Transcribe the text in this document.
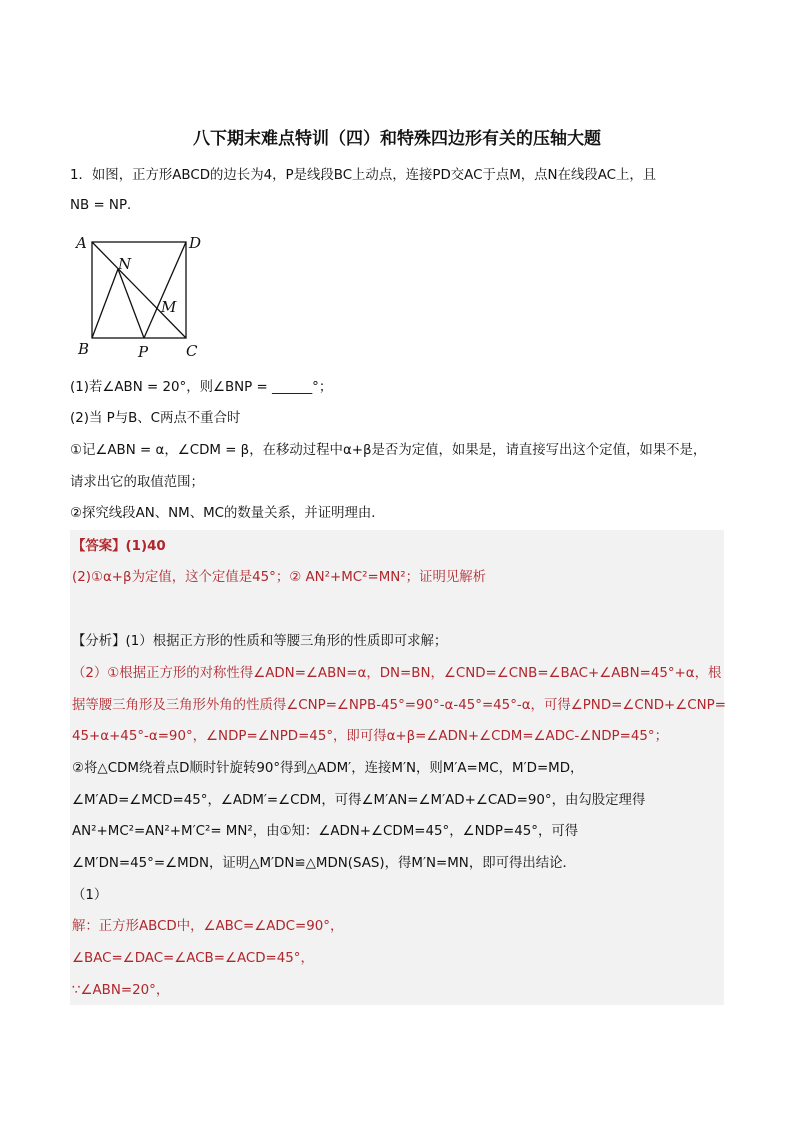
八下期末难点特训（四）和特殊四边形有关的压轴大题
1．如图，正方形ABCD的边长为4，P是线段BC上动点，连接PD交AC于点M，点N在线段AC上，且
NB = NP．
A	D
B	C
N
M
P
(1)若∠ABN = 20°，则∠BNP = ______°；
(2)当 P与B、C两点不重合时
①记∠ABN = α，∠CDM = β，在移动过程中α+β是否为定值，如果是，请直接写出这个定值，如果不是，
请求出它的取值范围；
②探究线段AN、NM、MC的数量关系，并证明理由．
【答案】(1)40
(2)①α+β为定值，这个定值是45°；② AN²+MC²=MN²；证明见解析
【分析】(1）根据正方形的性质和等腰三角形的性质即可求解；
（2）①根据正方形的对称性得∠ADN=∠ABN=α，DN=BN，∠CND=∠CNB=∠BAC+∠ABN=45°+α，根
据等腰三角形及三角形外角的性质得∠CNP=∠NPB-45°=90°-α-45°=45°-α，可得∠PND=∠CND+∠CNP=
45+α+45°-α=90°，∠NDP=∠NPD=45°，即可得α+β=∠ADN+∠CDM=∠ADC-∠NDP=45°；
②将△CDM绕着点D顺时针旋转90°得到△ADM′，连接M′N，则M′A=MC，M′D=MD，
∠M′AD=∠MCD=45°，∠ADM′=∠CDM，可得∠M′AN=∠M′AD+∠CAD=90°，由勾股定理得
AN²+MC²=AN²+M′C²= MN²，由①知：∠ADN+∠CDM=45°，∠NDP=45°，可得
∠M′DN=45°=∠MDN，证明△M′DN≌△MDN(SAS)，得M′N=MN，即可得出结论．
（1）
解：正方形ABCD中，∠ABC=∠ADC=90°，
∠BAC=∠DAC=∠ACB=∠ACD=45°，
∵∠ABN=20°，
